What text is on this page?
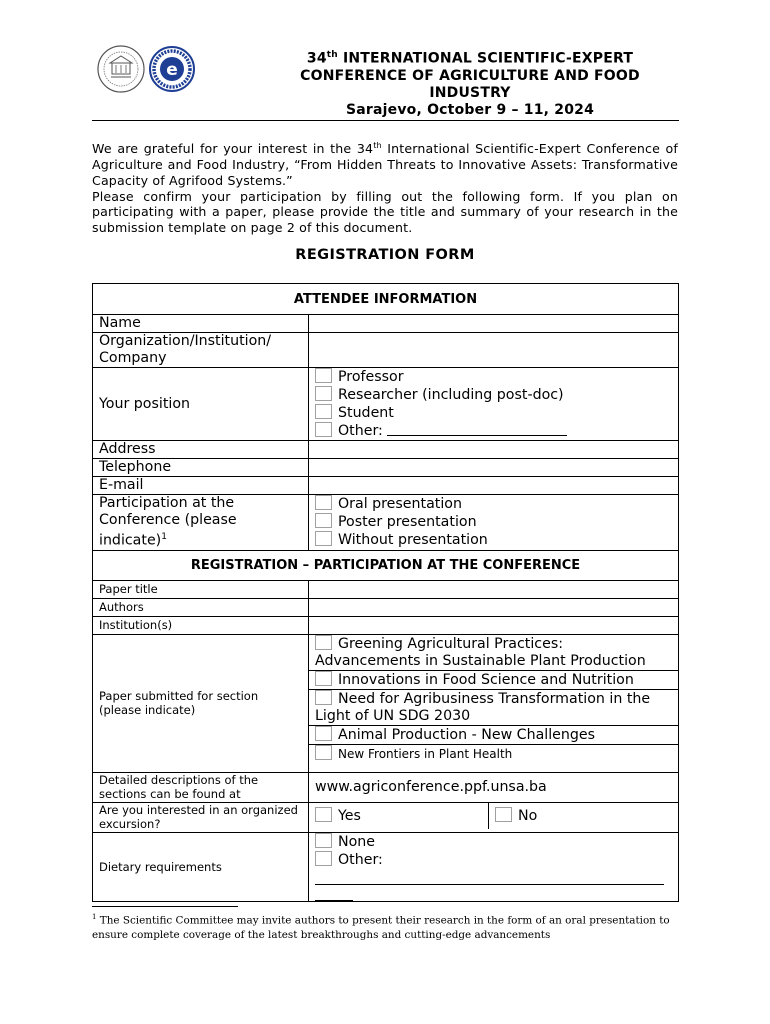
e
34th INTERNATIONAL SCIENTIFIC-EXPERT CONFERENCE OF AGRICULTURE AND FOOD INDUSTRY
Sarajevo, October 9 – 11, 2024

We are grateful for your interest in the 34th International Scientific-Expert Conference of Agriculture and Food Industry, “From Hidden Threats to Innovative Assets: Transformative Capacity of Agrifood Systems.”

Please confirm your participation by filling out the following form. If you plan on participating with a paper, please provide the title and summary of your research in the submission template on page 2 of this document.

REGISTRATION FORM
ATTENDEE INFORMATION	
Name	
Organization/Institution/ Company	
Your position	Professor
Researcher (including post-doc)
Student
Other:

Address	
Telephone	
E-mail	
Participation at the Conference (please indicate)$^1$	Oral presentation
Poster presentation
Without presentation

REGISTRATION – PARTICIPATION AT THE CONFERENCE	
Paper title	
Authors	
Institution(s)	
Paper submitted for section (please indicate)	Greening Agricultural Practices: Advancements in Sustainable Plant Production
Innovations in Food Science and Nutrition
Need for Agribusiness Transformation in the Light of UN SDG 2030
Animal Production - New Challenges
New Frontiers in Plant Health

Detailed descriptions of the sections can be found at	www.agriconference.ppf.unsa.ba
Are you interested in an organized excursion?	Yes No

Dietary requirements	None
Other:
$^1$ The Scientific Committee may invite authors to present their research in the form of an oral presentation to ensure complete coverage of the latest breakthroughs and cutting-edge advancements
